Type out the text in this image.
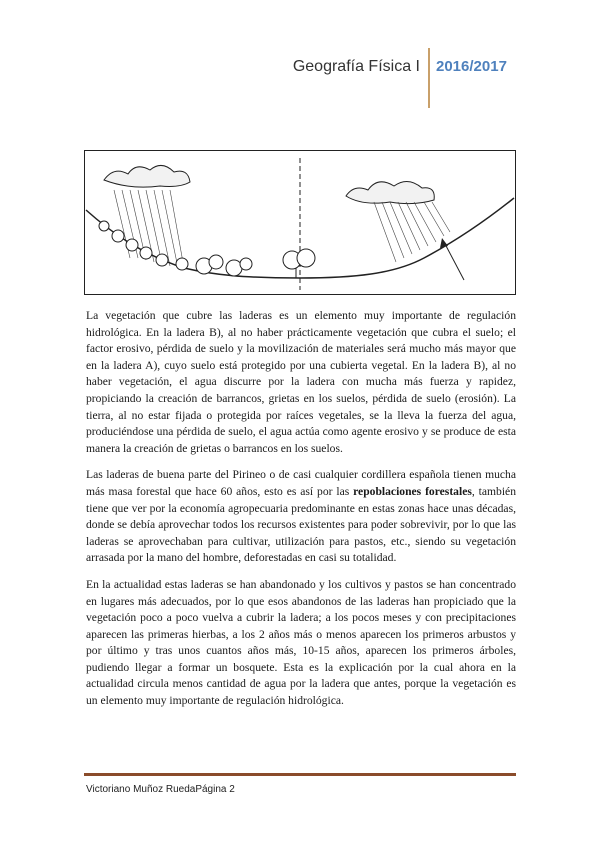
Geografía Física I 2016/2017

La vegetación que cubre las laderas es un elemento muy importante de regulación hidrológica. En la ladera B), al no haber prácticamente vegetación que cubra el suelo; el factor erosivo, pérdida de suelo y la movilización de materiales será mucho más mayor que en la ladera A), cuyo suelo está protegido por una cubierta vegetal. En la ladera B), al no haber vegetación, el agua discurre por la ladera con mucha más fuerza y rapidez, propiciando la creación de barrancos, grietas en los suelos, pérdida de suelo (erosión). La tierra, al no estar fijada o protegida por raíces vegetales, se la lleva la fuerza del agua, produciéndose una pérdida de suelo, el agua actúa como agente erosivo y se produce de esta manera la creación de grietas o barrancos en los suelos.

Las laderas de buena parte del Pirineo o de casi cualquier cordillera española tienen mucha más masa forestal que hace 60 años, esto es así por las repoblaciones forestales, también tiene que ver por la economía agropecuaria predominante en estas zonas hace unas décadas, donde se debía aprovechar todos los recursos existentes para poder sobrevivir, por lo que las laderas se aprovechaban para cultivar, utilización para pastos, etc., siendo su vegetación arrasada por la mano del hombre, deforestadas en casi su totalidad.

En la actualidad estas laderas se han abandonado y los cultivos y pastos se han concentrado en lugares más adecuados, por lo que esos abandonos de las laderas han propiciado que la vegetación poco a poco vuelva a cubrir la ladera; a los pocos meses y con precipitaciones aparecen las primeras hierbas, a los 2 años más o menos aparecen los primeros arbustos y por último y tras unos cuantos años más, 10-15 años, aparecen los primeros árboles, pudiendo llegar a formar un bosquete. Esta es la explicación por la cual ahora en la actualidad circula menos cantidad de agua por la ladera que antes, porque la vegetación es un elemento muy importante de regulación hidrológica.

Victoriano Muñoz RuedaPágina 2
